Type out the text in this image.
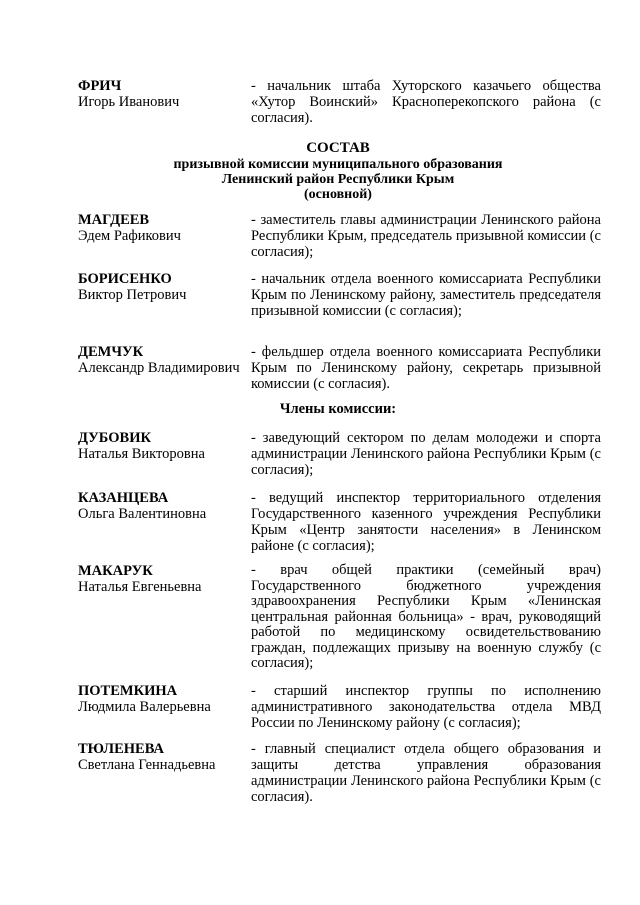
ФРИЧ
Игорь Иванович
- начальник штаба Хуторского казачьего общества «Хутор Воинский» Красноперекопского района (с согласия).
СОСТАВ
призывной комиссии муниципального образования
Ленинский район Республики Крым
(основной)
МАГДЕЕВ
Эдем Рафикович
- заместитель главы администрации Ленинского района Республики Крым, председатель призывной комиссии (с согласия);
БОРИСЕНКО
Виктор Петрович
- начальник отдела военного комиссариата Республики Крым по Ленинскому району, заместитель председателя призывной комиссии (с согласия);
ДЕМЧУК
Александр Владимирович
- фельдшер отдела военного комиссариата Республики Крым по Ленинскому району, секретарь призывной комиссии (с согласия).
Члены комиссии:
ДУБОВИК
Наталья Викторовна
- заведующий сектором по делам молодежи и спорта администрации Ленинского района Республики Крым (с согласия);
КАЗАНЦЕВА
Ольга Валентиновна
- ведущий инспектор территориального отделения Государственного казенного учреждения Республики Крым «Центр занятости населения» в Ленинском районе (с согласия);
МАКАРУК
Наталья Евгеньевна
- врач общей практики (семейный врач) Государственного бюджетного учреждения здравоохранения Республики Крым «Ленинская центральная районная больница» - врач, руководящий работой по медицинскому освидетельствованию граждан, подлежащих призыву на военную службу (с согласия);
ПОТЕМКИНА
Людмила Валерьевна
- старший инспектор группы по исполнению административного законодательства отдела МВД России по Ленинскому району (с согласия);
ТЮЛЕНЕВА
Светлана Геннадьевна
- главный специалист отдела общего образования и защиты детства управления образования администрации Ленинского района Республики Крым (с согласия).
